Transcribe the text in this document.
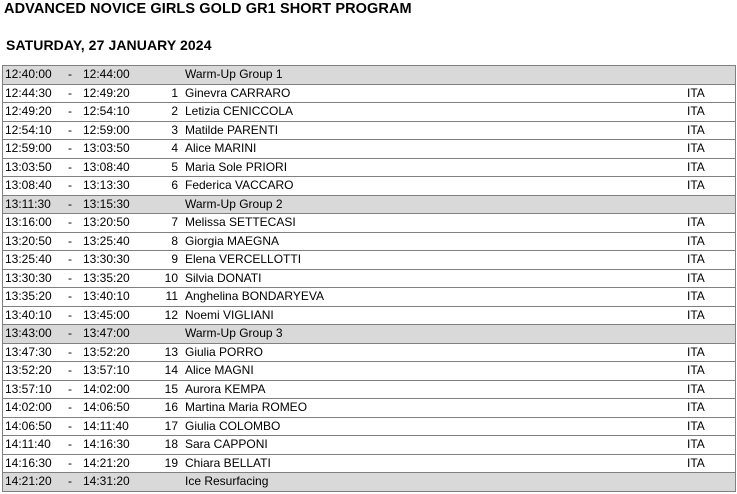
ADVANCED NOVICE GIRLS GOLD GR1 SHORT PROGRAM
SATURDAY, 27 JANUARY 2024
12:40:00 - 12:44:00	Warm-Up Group 1
12:44:30 - 12:49:20	1 Ginevra CARRARO	ITA
12:49:20 - 12:54:10	2 Letizia CENICCOLA	ITA
12:54:10 - 12:59:00	3 Matilde PARENTI	ITA
12:59:00 - 13:03:50	4 Alice MARINI	ITA
13:03:50 - 13:08:40	5 Maria Sole PRIORI	ITA
13:08:40 - 13:13:30	6 Federica VACCARO	ITA
13:11:30 - 13:15:30	Warm-Up Group 2
13:16:00 - 13:20:50	7 Melissa SETTECASI	ITA
13:20:50 - 13:25:40	8 Giorgia MAEGNA	ITA
13:25:40 - 13:30:30	9 Elena VERCELLOTTI	ITA
13:30:30 - 13:35:20	10 Silvia DONATI	ITA
13:35:20 - 13:40:10	11 Anghelina BONDARYEVA	ITA
13:40:10 - 13:45:00	12 Noemi VIGLIANI	ITA
13:43:00 - 13:47:00	Warm-Up Group 3
13:47:30 - 13:52:20	13 Giulia PORRO	ITA
13:52:20 - 13:57:10	14 Alice MAGNI	ITA
13:57:10 - 14:02:00	15 Aurora KEMPA	ITA
14:02:00 - 14:06:50	16 Martina Maria ROMEO	ITA
14:06:50 - 14:11:40	17 Giulia COLOMBO	ITA
14:11:40 - 14:16:30	18 Sara CAPPONI	ITA
14:16:30 - 14:21:20	19 Chiara BELLATI	ITA
14:21:20 - 14:31:20	Ice Resurfacing
